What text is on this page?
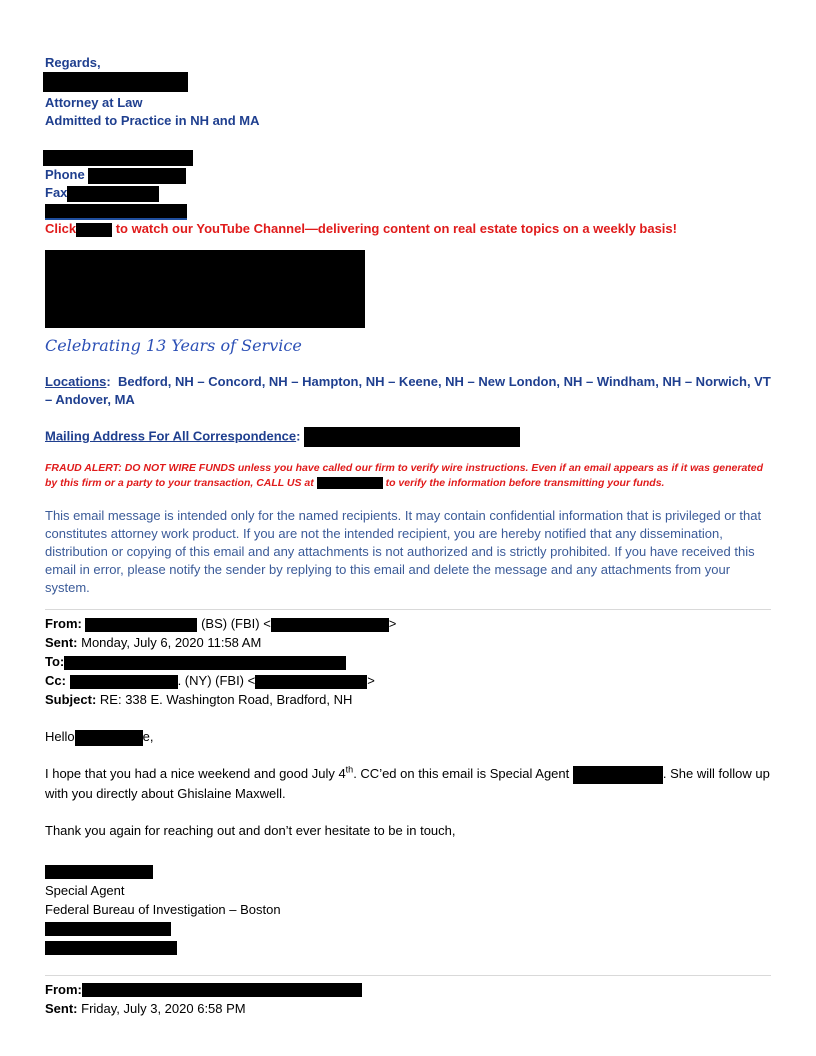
Regards,
Attorney at Law
Admitted to Practice in NH and MA
Phone
Fax
Click	to watch our YouTube Channel—delivering content on real estate topics on a weekly basis!
Celebrating 13 Years of Service
Locations:  Bedford, NH – Concord, NH – Hampton, NH – Keene, NH – New London, NH – Windham, NH – Norwich, VT – Andover, MA
Mailing Address For All Correspondence:
FRAUD ALERT: DO NOT WIRE FUNDS unless you have called our firm to verify wire instructions. Even if an email appears as if it was generated by this firm or a party to your transaction, CALL US at	to verify the information before transmitting your funds.
This email message is intended only for the named recipients. It may contain confidential information that is privileged or that constitutes attorney work product. If you are not the intended recipient, you are hereby notified that any dissemination, distribution or copying of this email and any attachments is not authorized and is strictly prohibited. If you have received this email in error, please notify the sender by replying to this email and delete the message and any attachments from your system.
From:	(BS) (FBI) <	>
Sent: Monday, July 6, 2020 11:58 AM
To:
Cc:	. (NY) (FBI) <	>
Subject: RE: 338 E. Washington Road, Bradford, NH
Hello	e,
I hope that you had a nice weekend and good July 4th. CC’ed on this email is Special Agent	. She will follow up with you directly about Ghislaine Maxwell.
Thank you again for reaching out and don’t ever hesitate to be in touch,
Special Agent
Federal Bureau of Investigation – Boston
From:
Sent: Friday, July 3, 2020 6:58 PM
